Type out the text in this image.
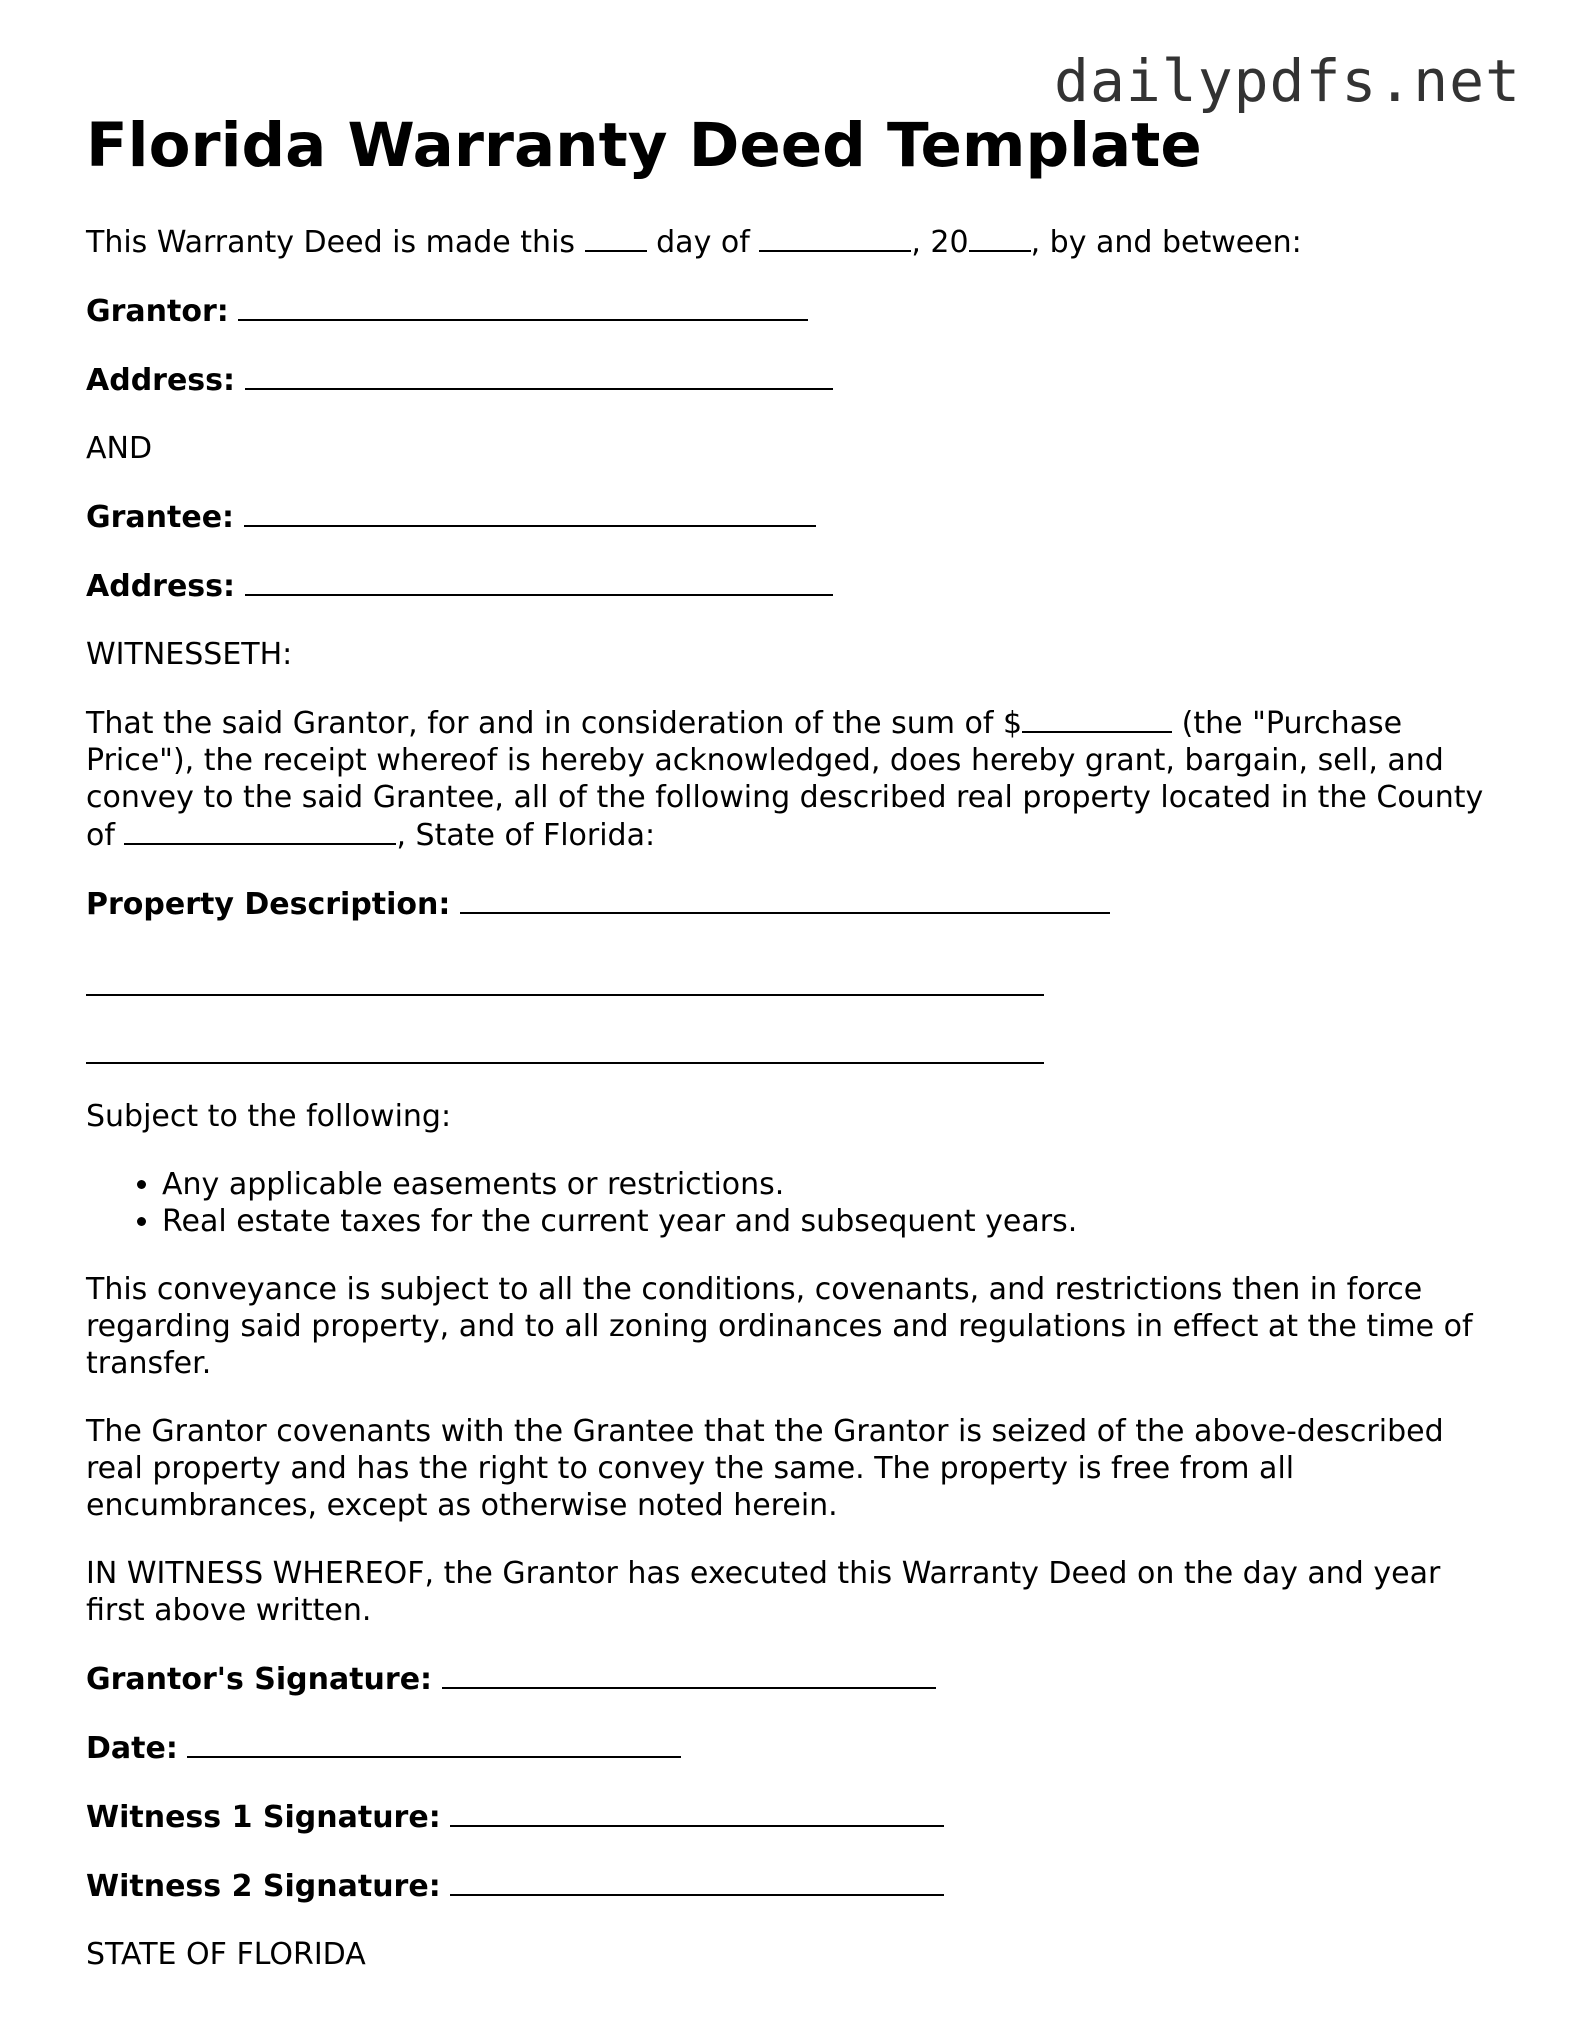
dailypdfs.net
Florida Warranty Deed Template

This Warranty Deed is made this	day of	, 20 , by and between:

Grantor:

Address:

AND

Grantee:

Address:

WITNESSETH:

That the said Grantor, for and in consideration of the sum of $	(the "Purchase Price"), the receipt whereof is hereby acknowledged, does hereby grant, bargain, sell, and convey to the said Grantee, all of the following described real property located in the County of	, State of Florida:

Property Description:

Subject to the following:

• Any applicable easements or restrictions.
• Real estate taxes for the current year and subsequent years.

This conveyance is subject to all the conditions, covenants, and restrictions then in force regarding said property, and to all zoning ordinances and regulations in effect at the time of transfer.

The Grantor covenants with the Grantee that the Grantor is seized of the above-described real property and has the right to convey the same. The property is free from all encumbrances, except as otherwise noted herein.

IN WITNESS WHEREOF, the Grantor has executed this Warranty Deed on the day and year first above written.

Grantor's Signature:

Date:

Witness 1 Signature:

Witness 2 Signature:

STATE OF FLORIDA
